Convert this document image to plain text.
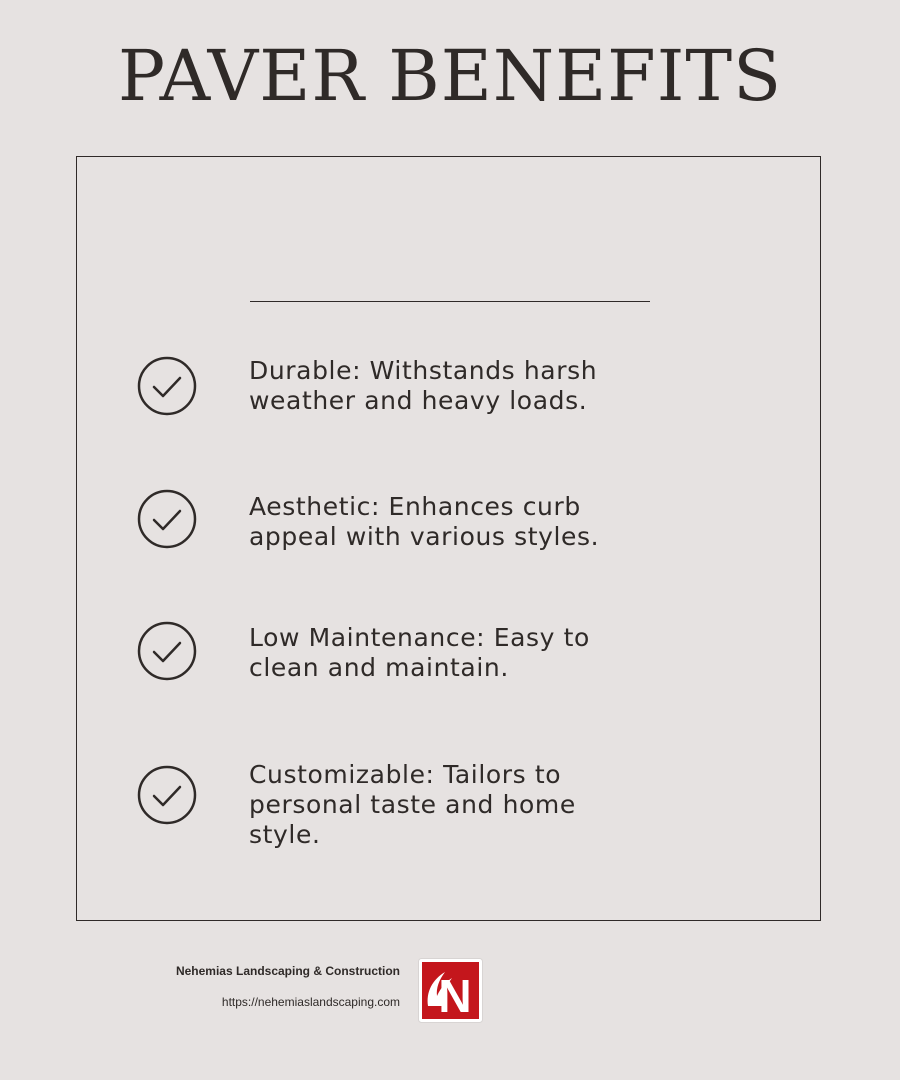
PAVER BENEFITS
Durable: Withstands harsh weather and heavy loads.
Aesthetic: Enhances curb appeal with various styles.
Low Maintenance: Easy to clean and maintain.
Customizable: Tailors to personal taste and home style.
Nehemias Landscaping & Construction
https://nehemiaslandscaping.com N
